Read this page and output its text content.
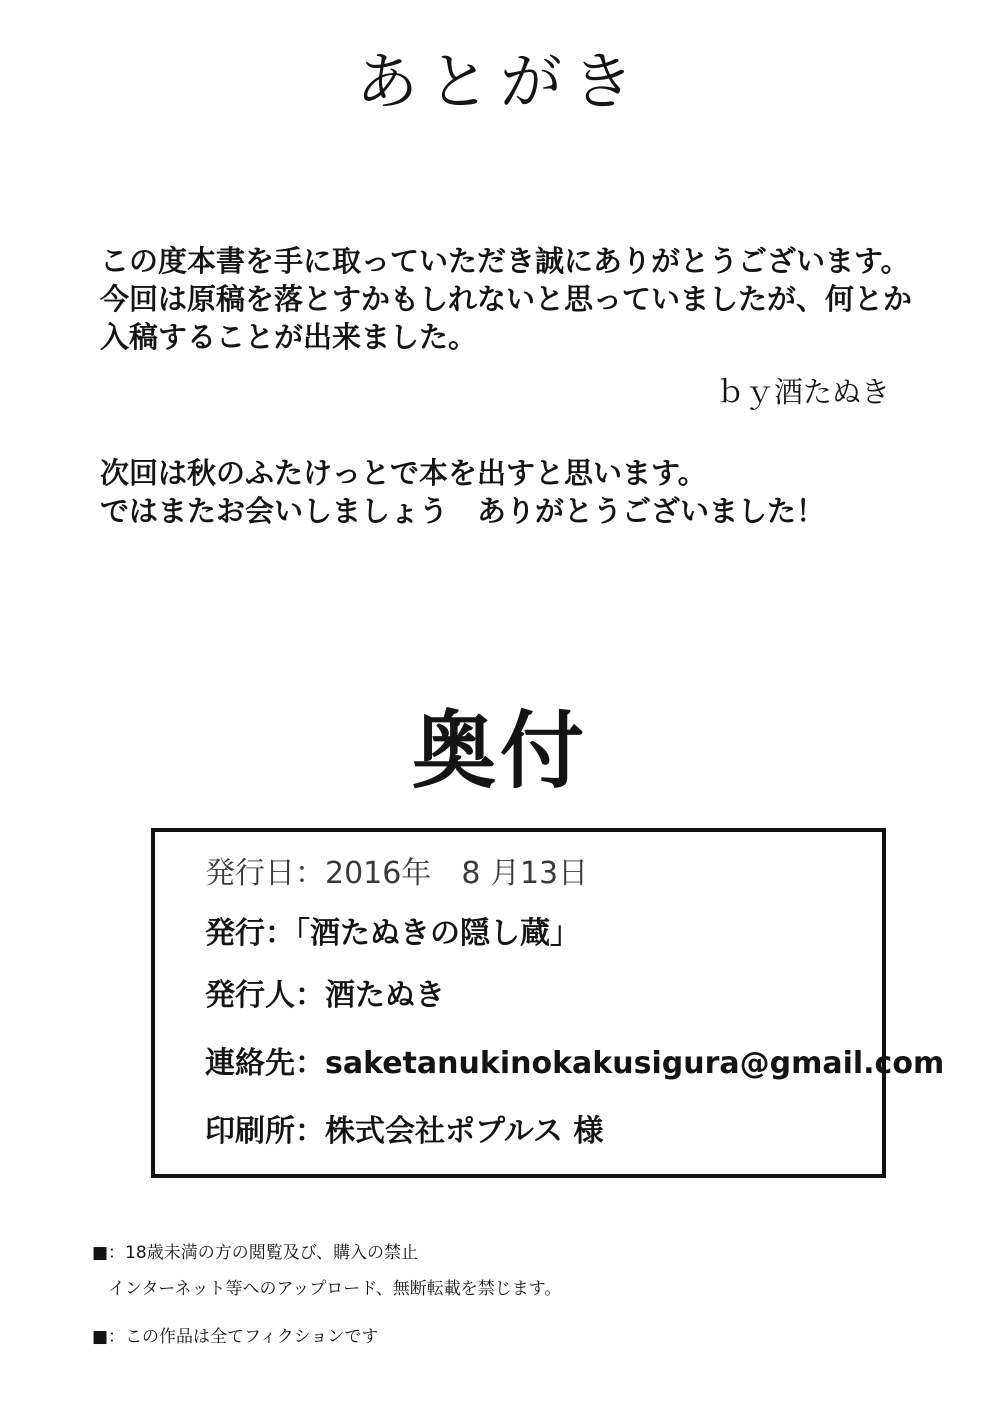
あとがき

この度本書を手に取っていただき誠にありがとうございます。
今回は原稿を落とすかもしれないと思っていましたが、何とか
入稿することが出来ました。

次回は秋のふたけっとで本を出すと思います。
ではまたお会いしましょう　ありがとうございました！

ｂｙ酒たぬき
奥付
発行日：2016年　8 月13日
発行：「酒たぬきの隠し蔵」
発行人：酒たぬき
連絡先：saketanukinokakusigura@gmail.com
印刷所：株式会社ポプルス 様
■：18歳未満の方の閲覧及び、購入の禁止
インターネット等へのアップロード、無断転載を禁じます。
■：この作品は全てフィクションです
